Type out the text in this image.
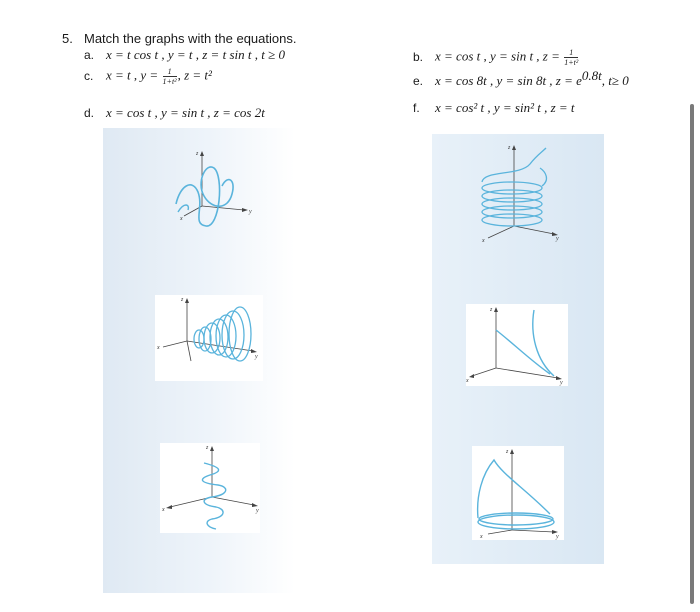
5. Match the graphs with the equations.
a. x = t cos t , y = t , z = t sin t , t ≥ 0	b. x = cos t , y = sin t , $z = \frac{1}{\text{1+t²}}$
c. x = t , $y = \frac{1}{\text{1+t²}}$ , z = t²	e. x = cos 8t , y = sin 8t , $z = e^{0.8t}$, t≥ 0
d. x = cos t , y = sin t , z = cos 2t	f. x = cos² t , y = sin² t , z = t
z
y
x
z
y
x
z
y
x
z
y
x
z
y
x
z
y
x
